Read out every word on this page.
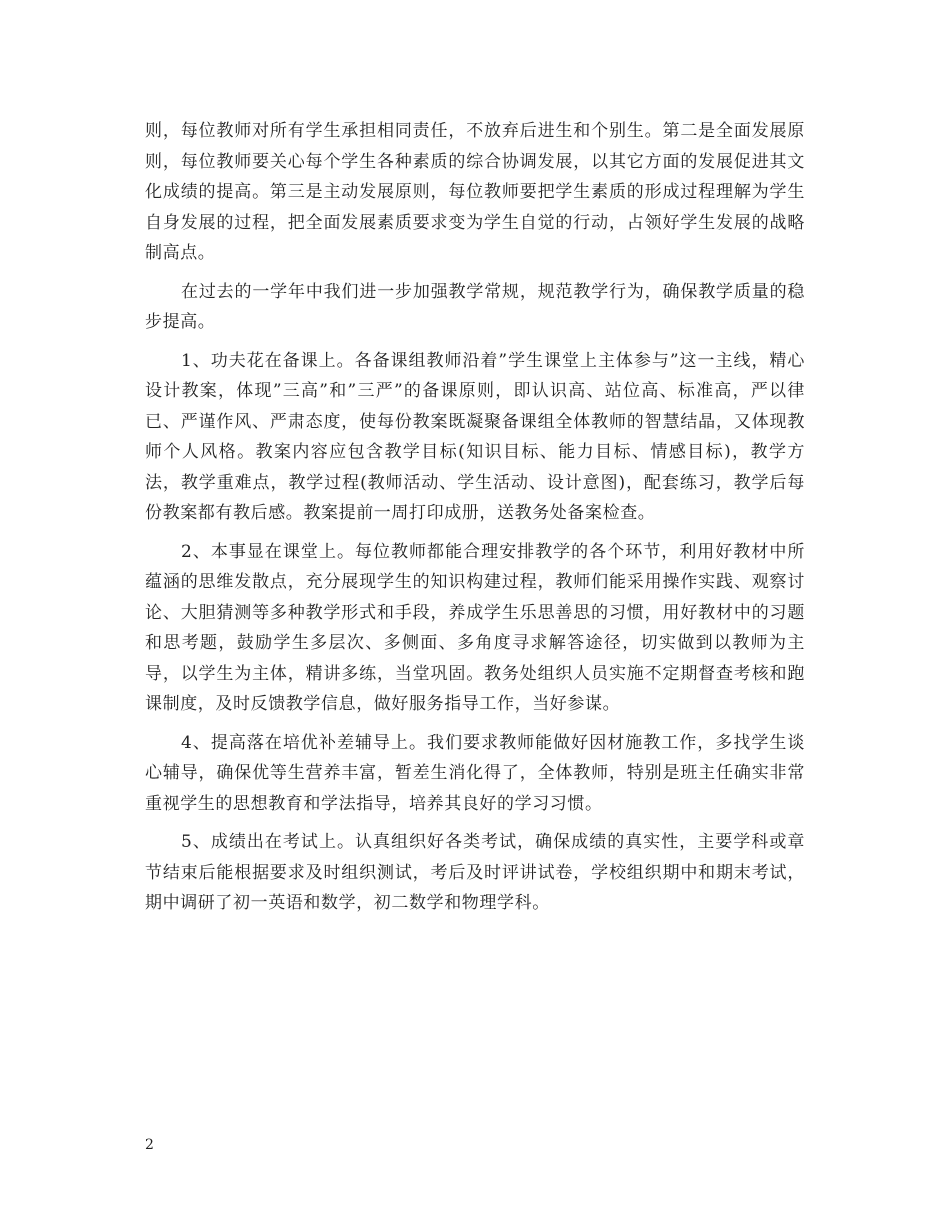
则，每位教师对所有学生承担相同责任，不放弃后进生和个别生。第二是全面发展原则，每位教师要关心每个学生各种素质的综合协调发展，以其它方面的发展促进其文化成绩的提高。第三是主动发展原则，每位教师要把学生素质的形成过程理解为学生自身发展的过程，把全面发展素质要求变为学生自觉的行动，占领好学生发展的战略制高点。

在过去的一学年中我们进一步加强教学常规，规范教学行为，确保教学质量的稳步提高。

1、功夫花在备课上。各备课组教师沿着”学生课堂上主体参与”这一主线，精心设计教案，体现”三高”和”三严”的备课原则，即认识高、站位高、标准高，严以律已、严谨作风、严肃态度，使每份教案既凝聚备课组全体教师的智慧结晶，又体现教师个人风格。教案内容应包含教学目标(知识目标、能力目标、情感目标)，教学方法，教学重难点，教学过程(教师活动、学生活动、设计意图)，配套练习，教学后每份教案都有教后感。教案提前一周打印成册，送教务处备案检查。

2、本事显在课堂上。每位教师都能合理安排教学的各个环节，利用好教材中所蕴涵的思维发散点，充分展现学生的知识构建过程，教师们能采用操作实践、观察讨论、大胆猜测等多种教学形式和手段，养成学生乐思善思的习惯，用好教材中的习题和思考题，鼓励学生多层次、多侧面、多角度寻求解答途径，切实做到以教师为主导，以学生为主体，精讲多练，当堂巩固。教务处组织人员实施不定期督查考核和跑课制度，及时反馈教学信息，做好服务指导工作，当好参谋。

4、提高落在培优补差辅导上。我们要求教师能做好因材施教工作，多找学生谈心辅导，确保优等生营养丰富，暂差生消化得了，全体教师，特别是班主任确实非常重视学生的思想教育和学法指导，培养其良好的学习习惯。

5、成绩出在考试上。认真组织好各类考试，确保成绩的真实性，主要学科或章节结束后能根据要求及时组织测试，考后及时评讲试卷，学校组织期中和期末考试，期中调研了初一英语和数学，初二数学和物理学科。

2
